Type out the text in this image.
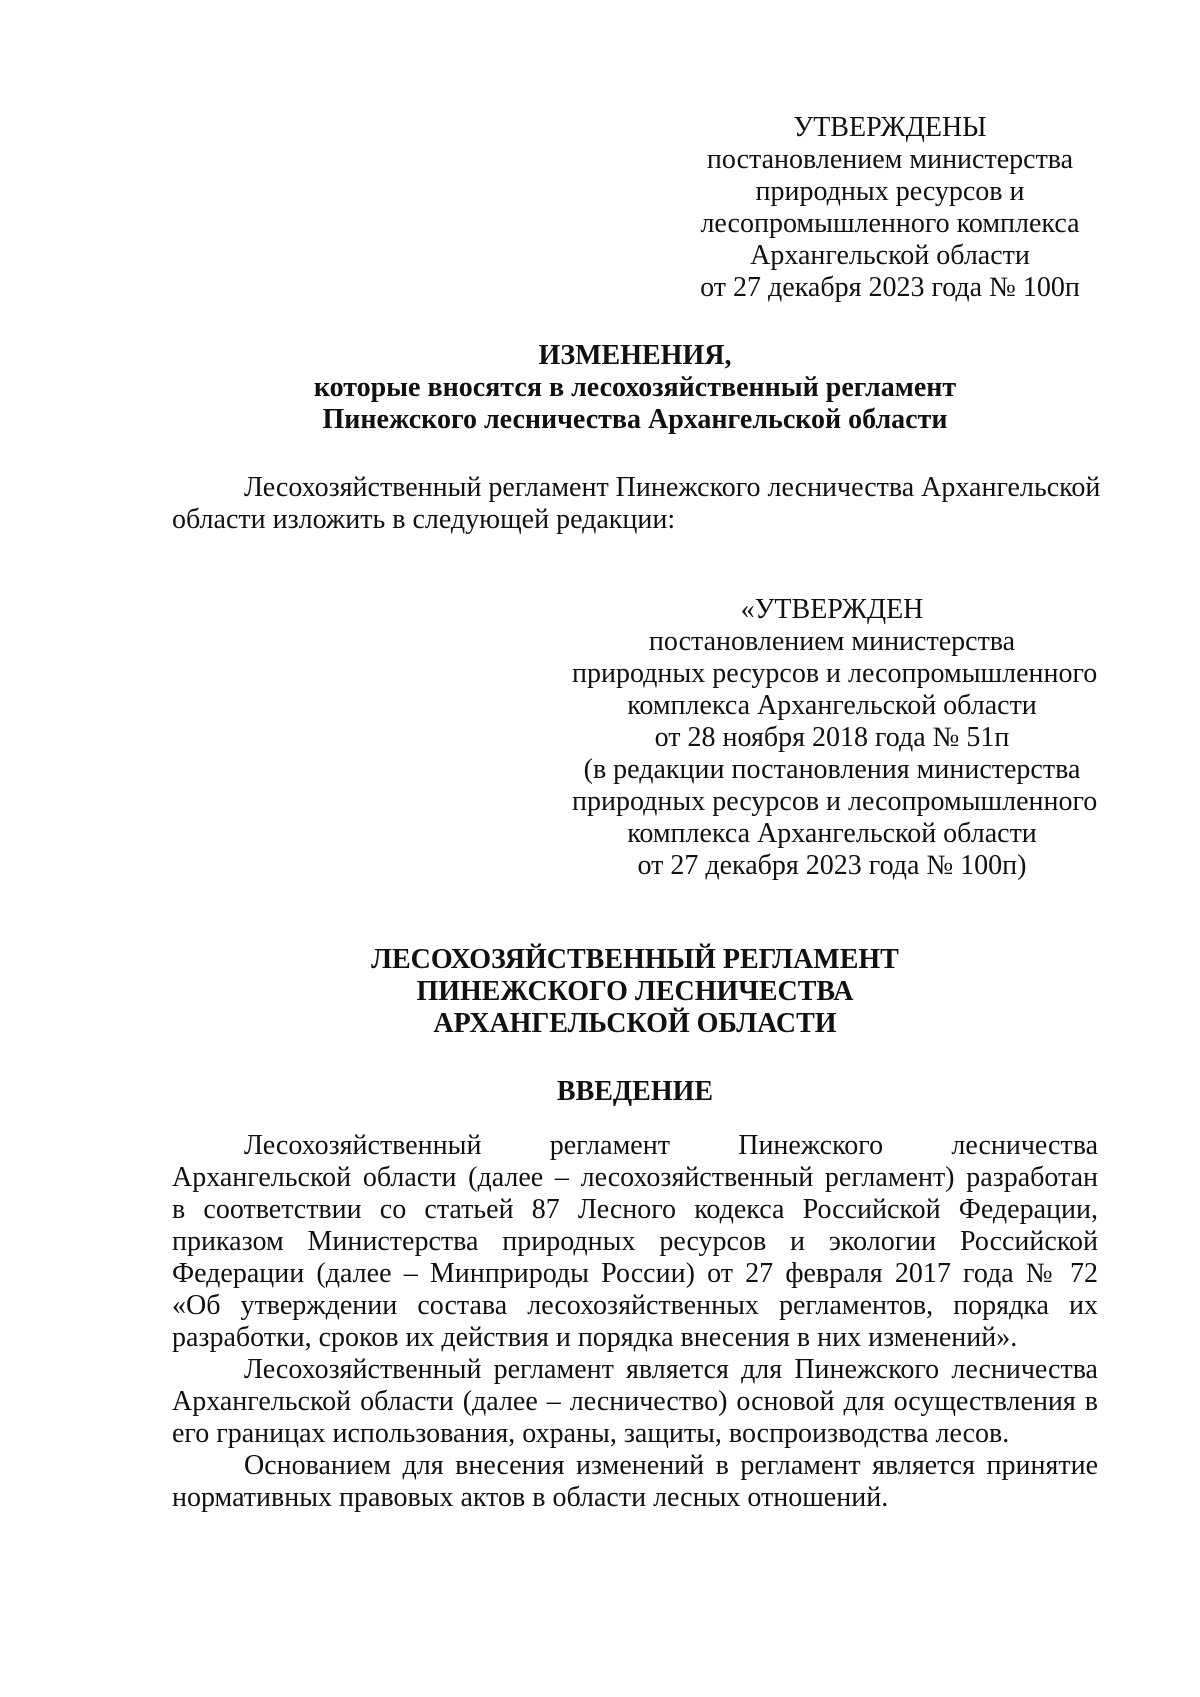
УТВЕРЖДЕНЫ

постановлением министерства

природных ресурсов и

лесопромышленного комплекса

Архангельской области

от 27 декабря 2023 года № 100п

ИЗМЕНЕНИЯ,

которые вносятся в лесохозяйственный регламент

Пинежского лесничества Архангельской области

Лесохозяйственный регламент Пинежского лесничества Архангельской

области изложить в следующей редакции:

«УТВЕРЖДЕН

постановлением министерства

природных ресурсов и лесопромышленного

комплекса Архангельской области

от 28 ноября 2018 года № 51п

(в редакции постановления министерства

природных ресурсов и лесопромышленного

комплекса Архангельской области

от 27 декабря 2023 года № 100п)

ЛЕСОХОЗЯЙСТВЕННЫЙ РЕГЛАМЕНТ

ПИНЕЖСКОГО ЛЕСНИЧЕСТВА

АРХАНГЕЛЬСКОЙ ОБЛАСТИ

ВВЕДЕНИЕ

Лесохозяйственный регламент Пинежского лесничества

Архангельской области (далее – лесохозяйственный регламент) разработан

в соответствии со статьей 87 Лесного кодекса Российской Федерации,

приказом Министерства природных ресурсов и экологии Российской

Федерации (далее – Минприроды России) от 27 февраля 2017 года № 72

«Об утверждении состава лесохозяйственных регламентов, порядка их

разработки, сроков их действия и порядка внесения в них изменений».

Лесохозяйственный регламент является для Пинежского лесничества

Архангельской области (далее – лесничество) основой для осуществления в

его границах использования, охраны, защиты, воспроизводства лесов.

Основанием для внесения изменений в регламент является принятие

нормативных правовых актов в области лесных отношений.
